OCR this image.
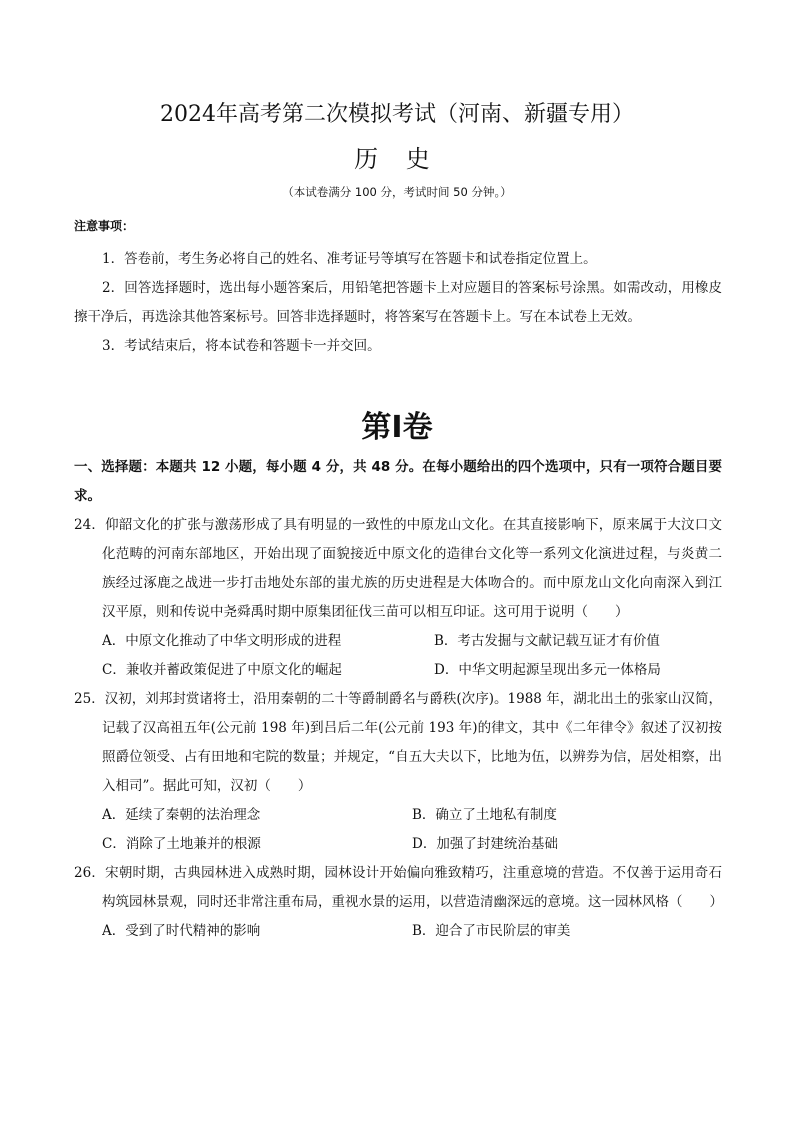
2024年高考第二次模拟考试（河南、新疆专用）
历 史
（本试卷满分 100 分，考试时间 50 分钟。）
注意事项：
1．答卷前，考生务必将自己的姓名、准考证号等填写在答题卡和试卷指定位置上。
2．回答选择题时，选出每小题答案后，用铅笔把答题卡上对应题目的答案标号涂黑。如需改动，用橡皮擦干净后，再选涂其他答案标号。回答非选择题时，将答案写在答题卡上。写在本试卷上无效。
3．考试结束后，将本试卷和答题卡一并交回。
第Ⅰ卷
一、选择题：本题共 12 小题，每小题 4 分，共 48 分。在每小题给出的四个选项中，只有一项符合题目要求。
24．仰韶文化的扩张与激荡形成了具有明显的一致性的中原龙山文化。在其直接影响下，原来属于大汶口文化范畴的河南东部地区，开始出现了面貌接近中原文化的造律台文化等一系列文化演进过程，与炎黄二族经过涿鹿之战进一步打击地处东部的蚩尤族的历史进程是大体吻合的。而中原龙山文化向南深入到江汉平原，则和传说中尧舜禹时期中原集团征伐三苗可以相互印证。这可用于说明（　　）
A．中原文化推动了中华文明形成的进程	B．考古发掘与文献记载互证才有价值
C．兼收并蓄政策促进了中原文化的崛起	D．中华文明起源呈现出多元一体格局
25．汉初，刘邦封赏诸将士，沿用秦朝的二十等爵制爵名与爵秩(次序)。1988 年，湖北出土的张家山汉简，记载了汉高祖五年(公元前 198 年)到吕后二年(公元前 193 年)的律文，其中《二年律令》叙述了汉初按照爵位领受、占有田地和宅院的数量；并规定，“自五大夫以下，比地为伍，以辨券为信，居处相察，出入相司”。据此可知，汉初（　　）
A．延续了秦朝的法治理念	B．确立了土地私有制度
C．消除了土地兼并的根源	D．加强了封建统治基础
26．宋朝时期，古典园林进入成熟时期，园林设计开始偏向雅致精巧，注重意境的营造。不仅善于运用奇石构筑园林景观，同时还非常注重布局，重视水景的运用，以营造清幽深远的意境。这一园林风格（　　）
A．受到了时代精神的影响	B．迎合了市民阶层的审美
